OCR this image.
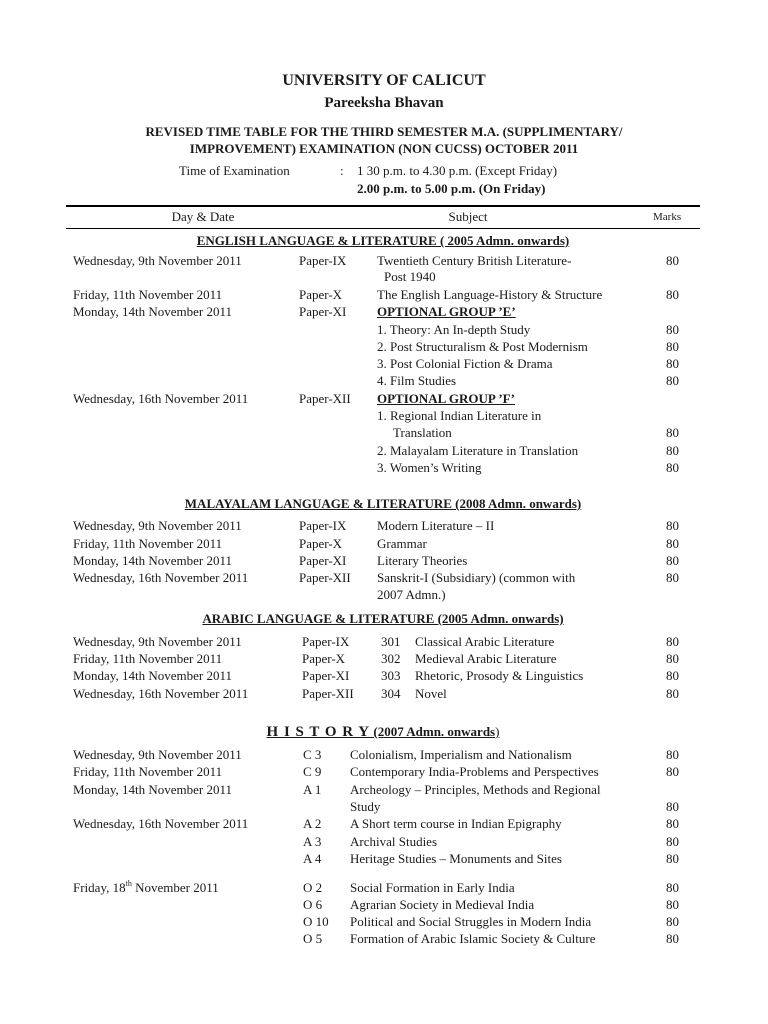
UNIVERSITY OF CALICUT
Pareeksha Bhavan
REVISED TIME TABLE FOR THE THIRD SEMESTER M.A. (SUPPLIMENTARY/
IMPROVEMENT) EXAMINATION (NON CUCSS) OCTOBER 2011
Time of Examination	: 1 30 p.m. to 4.30 p.m. (Except Friday)
2.00 p.m. to 5.00 p.m. (On Friday)
Day & Date	Subject	Marks
ENGLISH LANGUAGE & LITERATURE ( 2005 Admn. onwards)
Wednesday, 9th November 2011	Paper-IX Twentieth Century British Literature-	80
Post 1940
Friday, 11th November 2011	Paper-X	The English Language-History & Structure	80
Monday, 14th November 2011	Paper-XI OPTIONAL GROUP ’E’
1. Theory: An In-depth Study	80
2. Post Structuralism & Post Modernism	80
3. Post Colonial Fiction & Drama	80
4. Film Studies	80
Wednesday, 16th November 2011	Paper-XII OPTIONAL GROUP ’F’
1. Regional Indian Literature in
Translation	80
2. Malayalam Literature in Translation	80
3. Women’s Writing	80
MALAYALAM LANGUAGE & LITERATURE (2008 Admn. onwards)
Wednesday, 9th November 2011	Paper-IX Modern Literature – II	80
Friday, 11th November 2011	Paper-X	Grammar	80
Monday, 14th November 2011	Paper-XI Literary Theories	80
Wednesday, 16th November 2011	Paper-XII Sanskrit-I (Subsidiary) (common with	80
2007 Admn.)
ARABIC LANGUAGE & LITERATURE (2005 Admn. onwards)
Wednesday, 9th November 2011	Paper-IX 301 Classical Arabic Literature	80
Friday, 11th November 2011	Paper-X	302 Medieval Arabic Literature	80
Monday, 14th November 2011	Paper-XI 303 Rhetoric, Prosody & Linguistics	80
Wednesday, 16th November 2011	Paper-XII 304 Novel	80
H I S T O R Y (2007 Admn. onwards)
Wednesday, 9th November 2011	C 3 Colonialism, Imperialism and Nationalism	80
Friday, 11th November 2011	C 9 Contemporary India-Problems and Perspectives	80
Monday, 14th November 2011	A 1 Archeology – Principles, Methods and Regional
Study	80
Wednesday, 16th November 2011	A 2 A Short term course in Indian Epigraphy	80
A 3 Archival Studies	80
A 4 Heritage Studies – Monuments and Sites	80
Friday, 18th November 2011	O 2 Social Formation in Early India	80
O 6 Agrarian Society in Medieval India	80
O 10 Political and Social Struggles in Modern India	80
O 5 Formation of Arabic Islamic Society & Culture	80
